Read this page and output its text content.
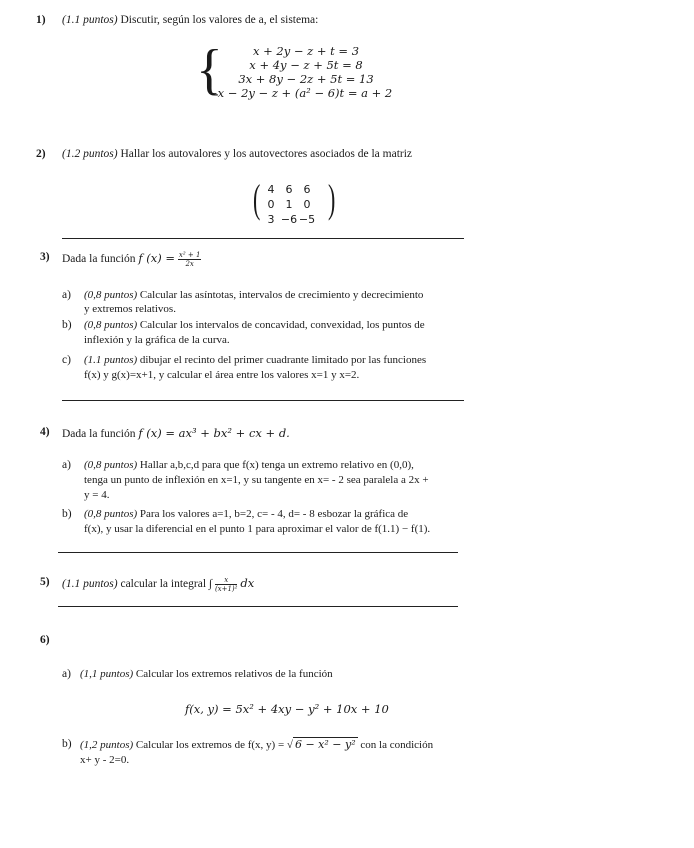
1) (1.1 puntos) Discutir, según los valores de a, el sistema:
{	x + 2y − z + t = 3
x + 4y − z + 5t = 8
3x + 8y − 2z + 5t = 13
−x − 2y − z + (a² − 6)t = a + 2
2) (1.2 puntos) Hallar los autovalores y los autovectores asociados de la matriz
( )
4 6 6
0 1 0
3 −6 −5
3) Dada la función f $(x) = \frac{\text{x² + 1}}{2x}$
a) (0,8 puntos) Calcular las asíntotas, intervalos de crecimiento y decrecimiento
y extremos relativos.
b) (0,8 puntos) Calcular los intervalos de concavidad, convexidad, los puntos de
inflexión y la gráfica de la curva.
c) (1.1 puntos) dibujar el recinto del primer cuadrante limitado por las funciones
f(x) y g(x)=x+1, y calcular el área entre los valores x=1 y x=2.
4) Dada la función f (x) = ax³ + bx² + cx + d.
a) (0,8 puntos) Hallar a,b,c,d para que f(x) tenga un extremo relativo en (0,0),
tenga un punto de inflexión en x=1, y su tangente en x= - 2 sea paralela a 2x +
y = 4.
b) (0,8 puntos) Para los valores a=1, b=2, c= - 4, d= - 8 esbozar la gráfica de
f(x), y usar la diferencial en el punto 1 para aproximar el valor de f(1.1) − f(1).
5) (1.1 puntos) calcular la integral ∫ $\frac{x}{\text{(x+1)²}}$ dx
6)
a) (1,1 puntos) Calcular los extremos relativos de la función
f(x, y) = 5x² + 4xy − y² + 10x + 10
b) (1,2 puntos) Calcular los extremos de f(x, y) = √ 6 − x² − y² con la condición
x+ y - 2=0.
